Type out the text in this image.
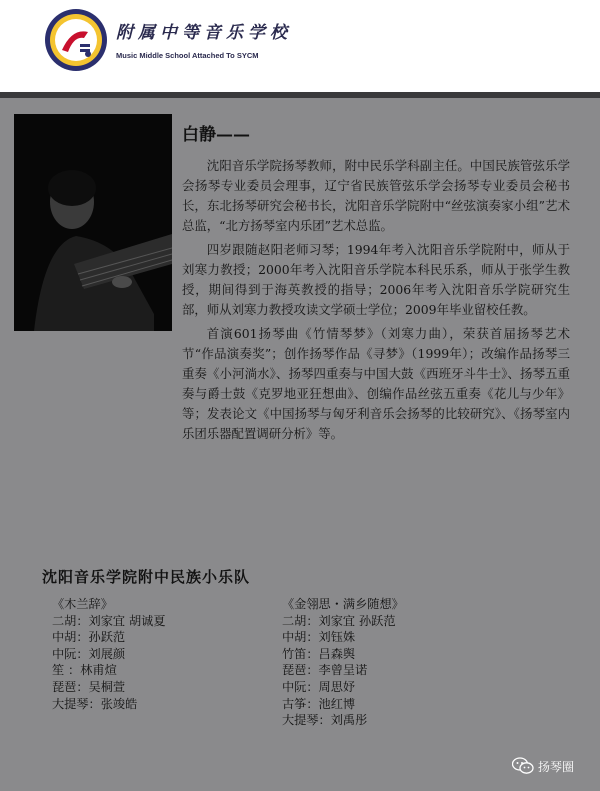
附属中等音乐学校
Music Middle School Attached To SYCM
白静——

沈阳音乐学院扬琴教师，附中民乐学科副主任。中国民族管弦乐学会扬琴专业委员会理事，辽宁省民族管弦乐学会扬琴专业委员会秘书长，东北扬琴研究会秘书长，沈阳音乐学院附中“丝弦演奏家小组”艺术总监，“北方扬琴室内乐团”艺术总监。

四岁跟随赵阳老师习琴；1994年考入沈阳音乐学院附中，师从于刘寒力教授；2000年考入沈阳音乐学院本科民乐系，师从于张学生教授，期间得到于海英教授的指导；2006年考入沈阳音乐学院研究生部，师从刘寒力教授攻读文学硕士学位；2009年毕业留校任教。

首演601扬琴曲《竹情琴梦》（刘寒力曲），荣获首届扬琴艺术节“作品演奏奖”；创作扬琴作品《寻梦》（1999年）；改编作品扬琴三重奏《小河淌水》、扬琴四重奏与中国大鼓《西班牙斗牛士》、扬琴五重奏与爵士鼓《克罗地亚狂想曲》、创编作品丝弦五重奏《花儿与少年》等；发表论文《中国扬琴与匈牙利音乐会扬琴的比较研究》、《扬琴室内乐团乐器配置调研分析》等。

沈阳音乐学院附中民族小乐队
《木兰辞》
二胡：刘家宜 胡诚夏
中胡：孙跃范
中阮：刘展颜
笙 ：林甫煊
琵琶：吴桐萱
大提琴：张竣皓
《金翎思・满乡随想》
二胡：刘家宜 孙跃范
中胡：刘钰姝
竹笛：吕森舆
琵琶：李曾呈诺
中阮：周思妤
古筝：池红博
大提琴：刘禹彤
扬琴圈
